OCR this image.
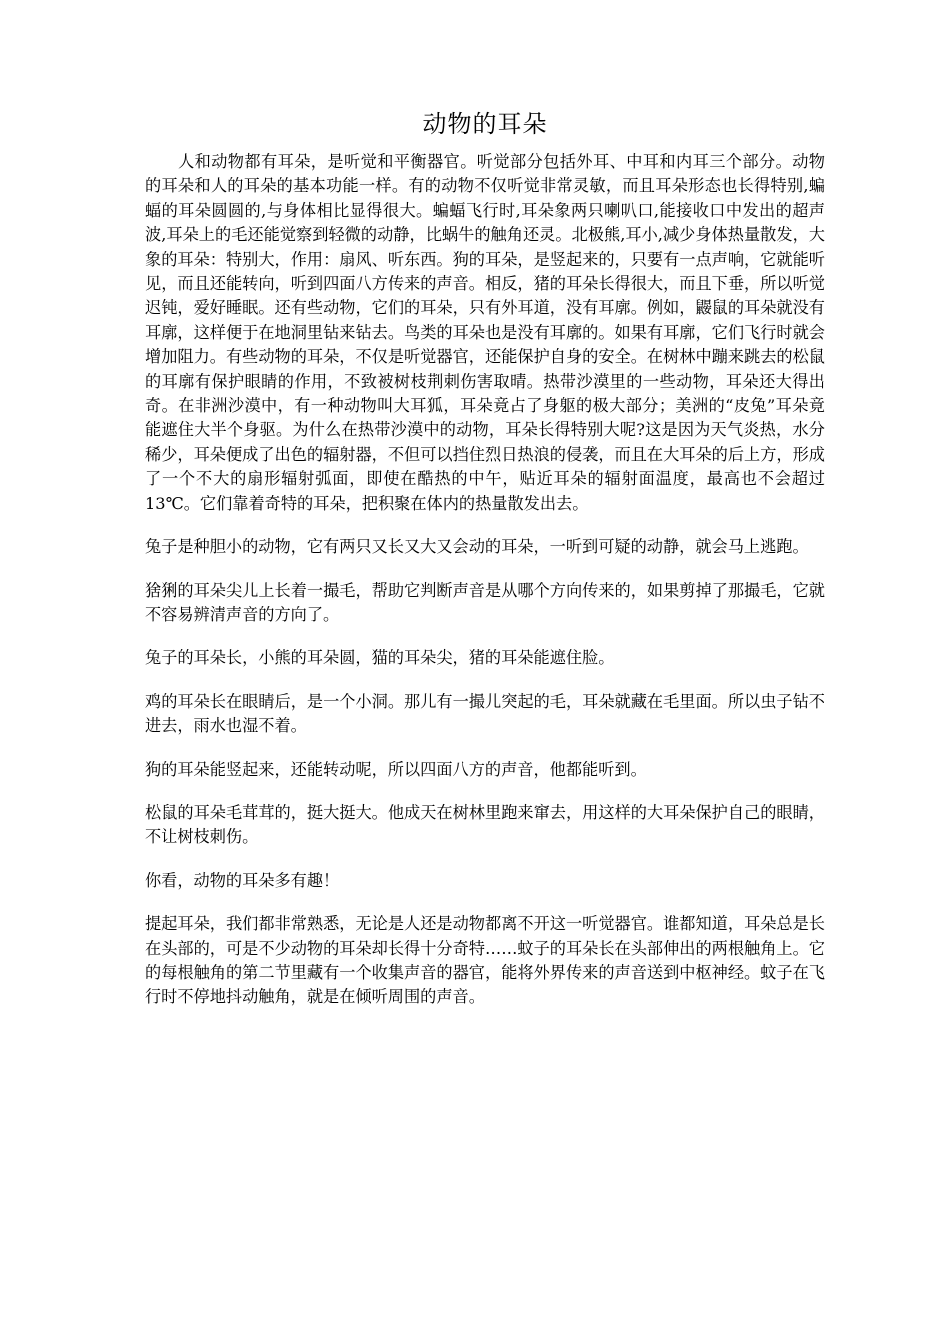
动物的耳朵

人和动物都有耳朵，是听觉和平衡器官。听觉部分包括外耳、中耳和内耳三个部分。动物的耳朵和人的耳朵的基本功能一样。有的动物不仅听觉非常灵敏，而且耳朵形态也长得特别,蝙蝠的耳朵圆圆的,与身体相比显得很大。蝙蝠飞行时,耳朵象两只喇叭口,能接收口中发出的超声波,耳朵上的毛还能觉察到轻微的动静，比蜗牛的触角还灵。北极熊,耳小,减少身体热量散发，大象的耳朵：特别大，作用：扇风、听东西。狗的耳朵，是竖起来的，只要有一点声响，它就能听见，而且还能转向，听到四面八方传来的声音。相反，猪的耳朵长得很大，而且下垂，所以听觉迟钝，爱好睡眠。还有些动物，它们的耳朵，只有外耳道，没有耳廓。例如，鼹鼠的耳朵就没有耳廓，这样便于在地洞里钻来钻去。鸟类的耳朵也是没有耳廓的。如果有耳廓，它们飞行时就会增加阻力。有些动物的耳朵，不仅是听觉器官，还能保护自身的安全。在树林中蹦来跳去的松鼠的耳廓有保护眼睛的作用，不致被树枝荆刺伤害取晴。热带沙漠里的一些动物，耳朵还大得出奇。在非洲沙漠中，有一种动物叫大耳狐，耳朵竟占了身躯的极大部分；美洲的“皮兔”耳朵竟能遮住大半个身驱。为什么在热带沙漠中的动物，耳朵长得特别大呢?这是因为天气炎热，水分稀少，耳朵便成了出色的辐射器，不但可以挡住烈日热浪的侵袭，而且在大耳朵的后上方，形成了一个不大的扇形辐射弧面，即使在酷热的中午，贴近耳朵的辐射面温度，最高也不会超过 13℃。它们靠着奇特的耳朵，把积聚在体内的热量散发出去。

兔子是种胆小的动物，它有两只又长又大又会动的耳朵，一听到可疑的动静，就会马上逃跑。

猞猁的耳朵尖儿上长着一撮毛，帮助它判断声音是从哪个方向传来的，如果剪掉了那撮毛，它就不容易辨清声音的方向了。

兔子的耳朵长，小熊的耳朵圆，猫的耳朵尖，猪的耳朵能遮住脸。

鸡的耳朵长在眼睛后，是一个小洞。那儿有一撮儿突起的毛，耳朵就藏在毛里面。所以虫子钻不进去，雨水也湿不着。

狗的耳朵能竖起来，还能转动呢，所以四面八方的声音，他都能听到。

松鼠的耳朵毛茸茸的，挺大挺大。他成天在树林里跑来窜去，用这样的大耳朵保护自己的眼睛，不让树枝刺伤。

你看，动物的耳朵多有趣！

提起耳朵，我们都非常熟悉，无论是人还是动物都离不开这一听觉器官。谁都知道，耳朵总是长在头部的，可是不少动物的耳朵却长得十分奇特……蚊子的耳朵长在头部伸出的两根触角上。它的每根触角的第二节里藏有一个收集声音的器官，能将外界传来的声音送到中枢神经。蚊子在飞行时不停地抖动触角，就是在倾听周围的声音。
